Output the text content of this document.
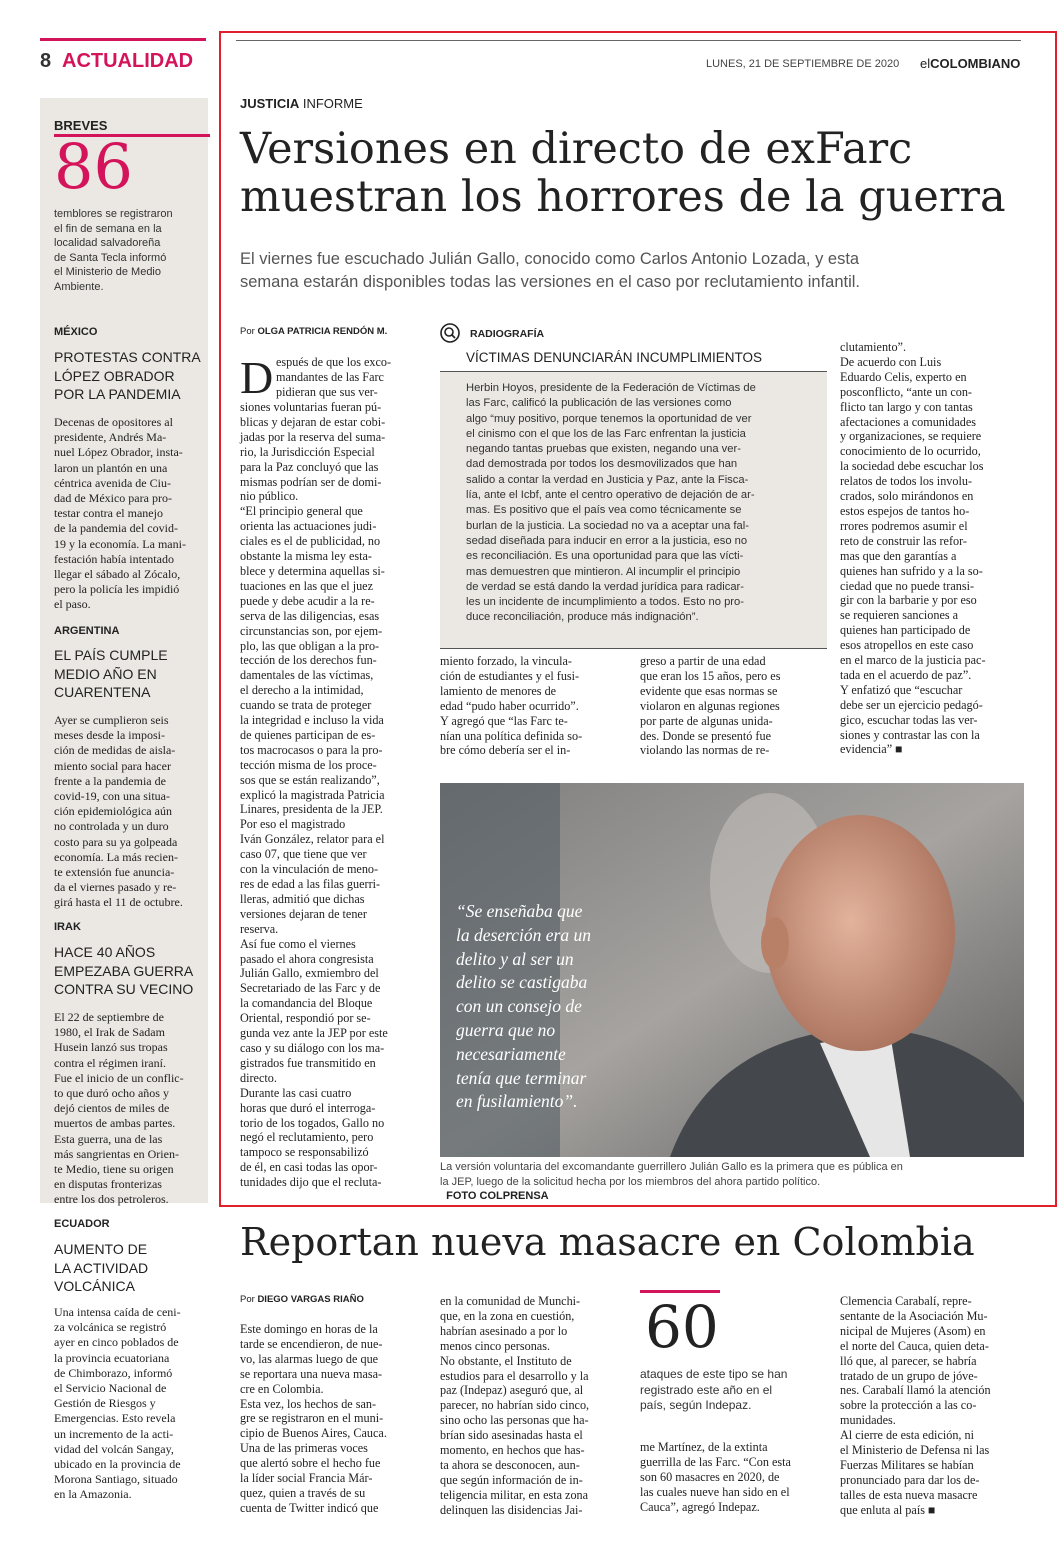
8 ACTUALIDAD	LUNES, 21 DE SEPTIEMBRE DE 2020 elCOLOMBIANO
BREVES
86
temblores se registraron
el fin de semana en la
localidad salvadoreña
de Santa Tecla informó
el Ministerio de Medio
Ambiente.
MÉXICO
PROTESTAS CONTRA
LÓPEZ OBRADOR
POR LA PANDEMIA
Decenas de opositores al
presidente, Andrés Ma-
nuel López Obrador, insta-
laron un plantón en una
céntrica avenida de Ciu-
dad de México para pro-
testar contra el manejo
de la pandemia del covid-
19 y la economía. La mani-
festación había intentado
llegar el sábado al Zócalo,
pero la policía les impidió
el paso.
ARGENTINA
EL PAÍS CUMPLE
MEDIO AÑO EN
CUARENTENA
Ayer se cumplieron seis
meses desde la imposi-
ción de medidas de aisla-
miento social para hacer
frente a la pandemia de
covid-19, con una situa-
ción epidemiológica aún
no controlada y un duro
costo para su ya golpeada
economía. La más recien-
te extensión fue anuncia-
da el viernes pasado y re-
girá hasta el 11 de octubre.
IRAK
HACE 40 AÑOS
EMPEZABA GUERRA
CONTRA SU VECINO
El 22 de septiembre de
1980, el Irak de Sadam
Husein lanzó sus tropas
contra el régimen iraní.
Fue el inicio de un conflic-
to que duró ocho años y
dejó cientos de miles de
muertos de ambas partes.
Esta guerra, una de las
más sangrientas en Orien-
te Medio, tiene su origen
en disputas fronterizas
entre los dos petroleros.
ECUADOR
AUMENTO DE
LA ACTIVIDAD
VOLCÁNICA
Una intensa caída de ceni-
za volcánica se registró
ayer en cinco poblados de
la provincia ecuatoriana
de Chimborazo, informó
el Servicio Nacional de
Gestión de Riesgos y
Emergencias. Esto revela
un incremento de la acti-
vidad del volcán Sangay,
ubicado en la provincia de
Morona Santiago, situado
en la Amazonia.
JUSTICIA INFORME
Versiones en directo de exFarc
muestran los horrores de la guerra
El viernes fue escuchado Julián Gallo, conocido como Carlos Antonio Lozada, y esta
semana estarán disponibles todas las versiones en el caso por reclutamiento infantil.
Por OLGA PATRICIA RENDÓN M.
D espués de que los exco-
mandantes de las Farc
pidieran que sus ver-
siones voluntarias fueran pú-
blicas y dejaran de estar cobi-
jadas por la reserva del suma-
rio, la Jurisdicción Especial
para la Paz concluyó que las
mismas podrían ser de domi-
nio público.
“El principio general que
orienta las actuaciones judi-
ciales es el de publicidad, no
obstante la misma ley esta-
blece y determina aquellas si-
tuaciones en las que el juez
puede y debe acudir a la re-
serva de las diligencias, esas
circunstancias son, por ejem-
plo, las que obligan a la pro-
tección de los derechos fun-
damentales de las víctimas,
el derecho a la intimidad,
cuando se trata de proteger
la integridad e incluso la vida
de quienes participan de es-
tos macrocasos o para la pro-
tección misma de los proce-
sos que se están realizando”,
explicó la magistrada Patricia
Linares, presidenta de la JEP.
Por eso el magistrado
Iván González, relator para el
caso 07, que tiene que ver
con la vinculación de meno-
res de edad a las filas guerri-
lleras, admitió que dichas
versiones dejaran de tener
reserva.
Así fue como el viernes
pasado el ahora congresista
Julián Gallo, exmiembro del
Secretariado de las Farc y de
la comandancia del Bloque
Oriental, respondió por se-
gunda vez ante la JEP por este
caso y su diálogo con los ma-
gistrados fue transmitido en
directo.
Durante las casi cuatro
horas que duró el interroga-
torio de los togados, Gallo no
negó el reclutamiento, pero
tampoco se responsabilizó
de él, en casi todas las opor-
tunidades dijo que el recluta-
RADIOGRAFÍA
VÍCTIMAS DENUNCIARÁN INCUMPLIMIENTOS
Herbin Hoyos, presidente de la Federación de Víctimas de
las Farc, calificó la publicación de las versiones como
algo “muy positivo, porque tenemos la oportunidad de ver
el cinismo con el que los de las Farc enfrentan la justicia
negando tantas pruebas que existen, negando una ver-
dad demostrada por todos los desmovilizados que han
salido a contar la verdad en Justicia y Paz, ante la Fisca-
lía, ante el Icbf, ante el centro operativo de dejación de ar-
mas. Es positivo que el país vea como técnicamente se
burlan de la justicia. La sociedad no va a aceptar una fal-
sedad diseñada para inducir en error a la justicia, eso no
es reconciliación. Es una oportunidad para que las vícti-
mas demuestren que mintieron. Al incumplir el principio
de verdad se está dando la verdad jurídica para radicar-
les un incidente de incumplimiento a todos. Esto no pro-
duce reconciliación, produce más indignación”.
miento forzado, la vincula-
ción de estudiantes y el fusi-
lamiento de menores de
edad “pudo haber ocurrido”.
Y agregó que “las Farc te-
nían una política definida so-
bre cómo debería ser el in-
greso a partir de una edad
que eran los 15 años, pero es
evidente que esas normas se
violaron en algunas regiones
por parte de algunas unida-
des. Donde se presentó fue
violando las normas de re-
clutamiento”.
De acuerdo con Luis
Eduardo Celis, experto en
posconflicto, “ante un con-
flicto tan largo y con tantas
afectaciones a comunidades
y organizaciones, se requiere
conocimiento de lo ocurrido,
la sociedad debe escuchar los
relatos de todos los involu-
crados, solo mirándonos en
estos espejos de tantos ho-
rrores podremos asumir el
reto de construir las refor-
mas que den garantías a
quienes han sufrido y a la so-
ciedad que no puede transi-
gir con la barbarie y por eso
se requieren sanciones a
quienes han participado de
esos atropellos en este caso
en el marco de la justicia pac-
tada en el acuerdo de paz”.
Y enfatizó que “escuchar
debe ser un ejercicio pedagó-
gico, escuchar todas las ver-
siones y contrastar las con la
evidencia” ■
“Se enseñaba que
la deserción era un
delito y al ser un
delito se castigaba
con un consejo de
guerra que no
necesariamente
tenía que terminar
en fusilamiento”.
La versión voluntaria del excomandante guerrillero Julián Gallo es la primera que es pública en
la JEP, luego de la solicitud hecha por los miembros del ahora partido político.
FOTO COLPRENSA
Reportan nueva masacre en Colombia
Por DIEGO VARGAS RIAÑO
Este domingo en horas de la
tarde se encendieron, de nue-
vo, las alarmas luego de que
se reportara una nueva masa-
cre en Colombia.
Esta vez, los hechos de san-
gre se registraron en el muni-
cipio de Buenos Aires, Cauca.
Una de las primeras voces
que alertó sobre el hecho fue
la líder social Francia Már-
quez, quien a través de su
cuenta de Twitter indicó que
en la comunidad de Munchi-
que, en la zona en cuestión,
habrían asesinado a por lo
menos cinco personas.
No obstante, el Instituto de
estudios para el desarrollo y la
paz (Indepaz) aseguró que, al
parecer, no habrían sido cinco,
sino ocho las personas que ha-
brían sido asesinadas hasta el
momento, en hechos que has-
ta ahora se desconocen, aun-
que según información de in-
teligencia militar, en esta zona
delinquen las disidencias Jai-
60
ataques de este tipo se han
registrado este año en el
país, según Indepaz.
me Martínez, de la extinta
guerrilla de las Farc. “Con esta
son 60 masacres en 2020, de
las cuales nueve han sido en el
Cauca”, agregó Indepaz.
Clemencia Carabalí, repre-
sentante de la Asociación Mu-
nicipal de Mujeres (Asom) en
el norte del Cauca, quien deta-
lló que, al parecer, se habría
tratado de un grupo de jóve-
nes. Carabalí llamó la atención
sobre la protección a las co-
munidades.
Al cierre de esta edición, ni
el Ministerio de Defensa ni las
Fuerzas Militares se habían
pronunciado para dar los de-
talles de esta nueva masacre
que enluta al país ■
